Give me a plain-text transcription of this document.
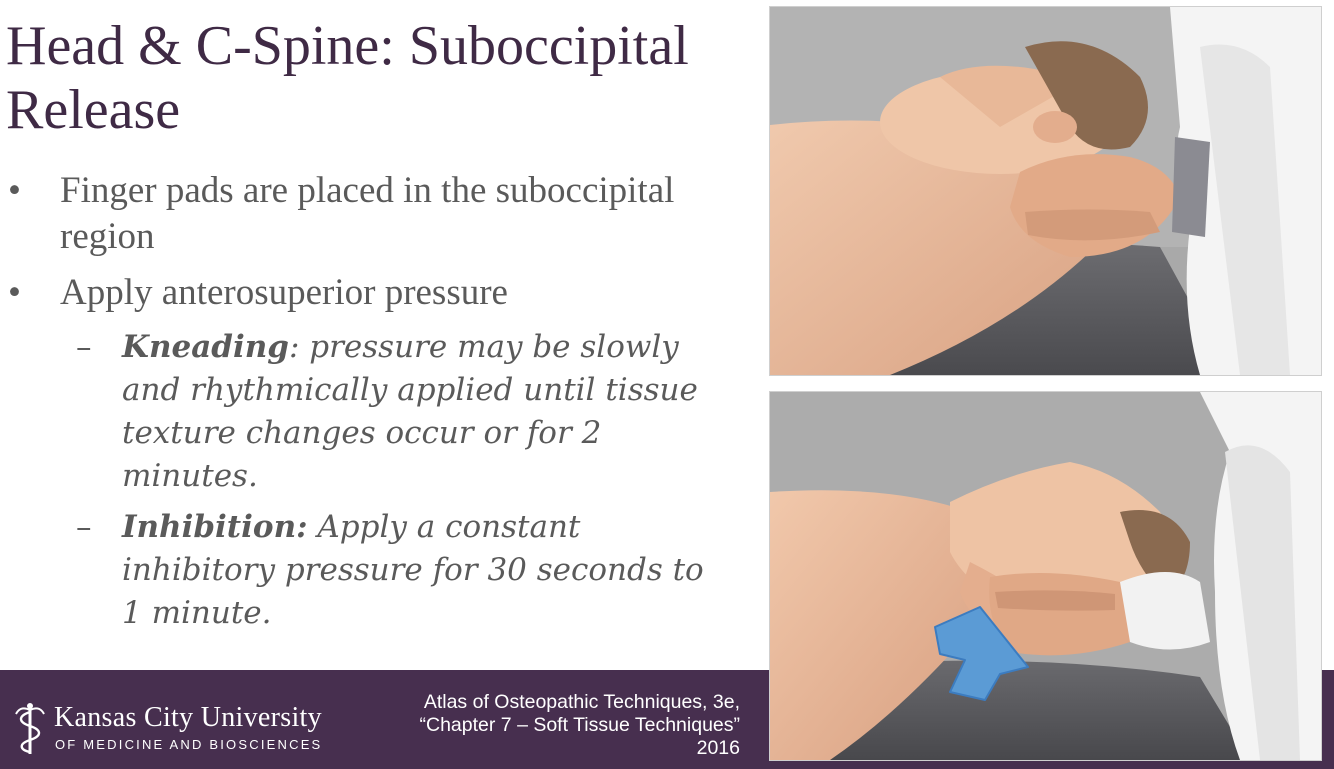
Head & C-Spine: Suboccipital Release
• Finger pads are placed in the suboccipital region
• Apply anterosuperior pressure
– Kneading: pressure may be slowly and rhythmically applied until tissue texture changes occur or for 2 minutes.
– Inhibition: Apply a constant inhibitory pressure for 30 seconds to 1 minute.
Kansas City University
OF MEDICINE AND BIOSCIENCES
Atlas of Osteopathic Techniques, 3e, “Chapter 7 – Soft Tissue Techniques” 2016
